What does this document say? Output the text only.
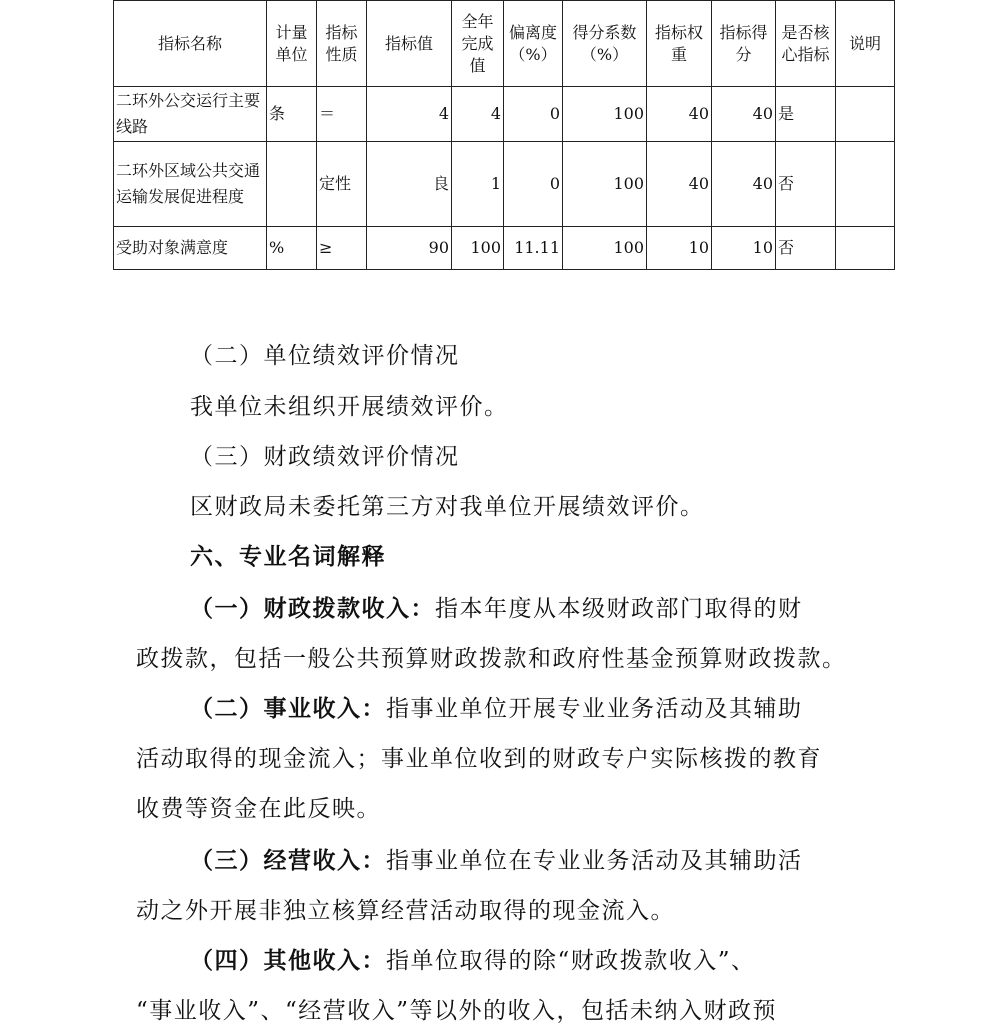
指标名称	计量单位	指标性质	指标值	全年完成值	偏离度（%）	得分系数（%）	指标权重	指标得分	是否核心指标	说明
二环外公交运行主要线路	条	＝	4	4	0	100	40	40	是	
二环外区域公共交通运输发展促进程度		定性	良	1	0	100	40	40	否	
受助对象满意度	%	≥	90	100	11.11	100	10	10	否	
（二）单位绩效评价情况
我单位未组织开展绩效评价。
（三）财政绩效评价情况
区财政局未委托第三方对我单位开展绩效评价。
六、专业名词解释
（一）财政拨款收入：指本年度从本级财政部门取得的财
政拨款，包括一般公共预算财政拨款和政府性基金预算财政拨款。
（二）事业收入：指事业单位开展专业业务活动及其辅助
活动取得的现金流入；事业单位收到的财政专户实际核拨的教育
收费等资金在此反映。
（三）经营收入：指事业单位在专业业务活动及其辅助活
动之外开展非独立核算经营活动取得的现金流入。
（四）其他收入：指单位取得的除“财政拨款收入”、
“事业收入”、“经营收入”等以外的收入，包括未纳入财政预
